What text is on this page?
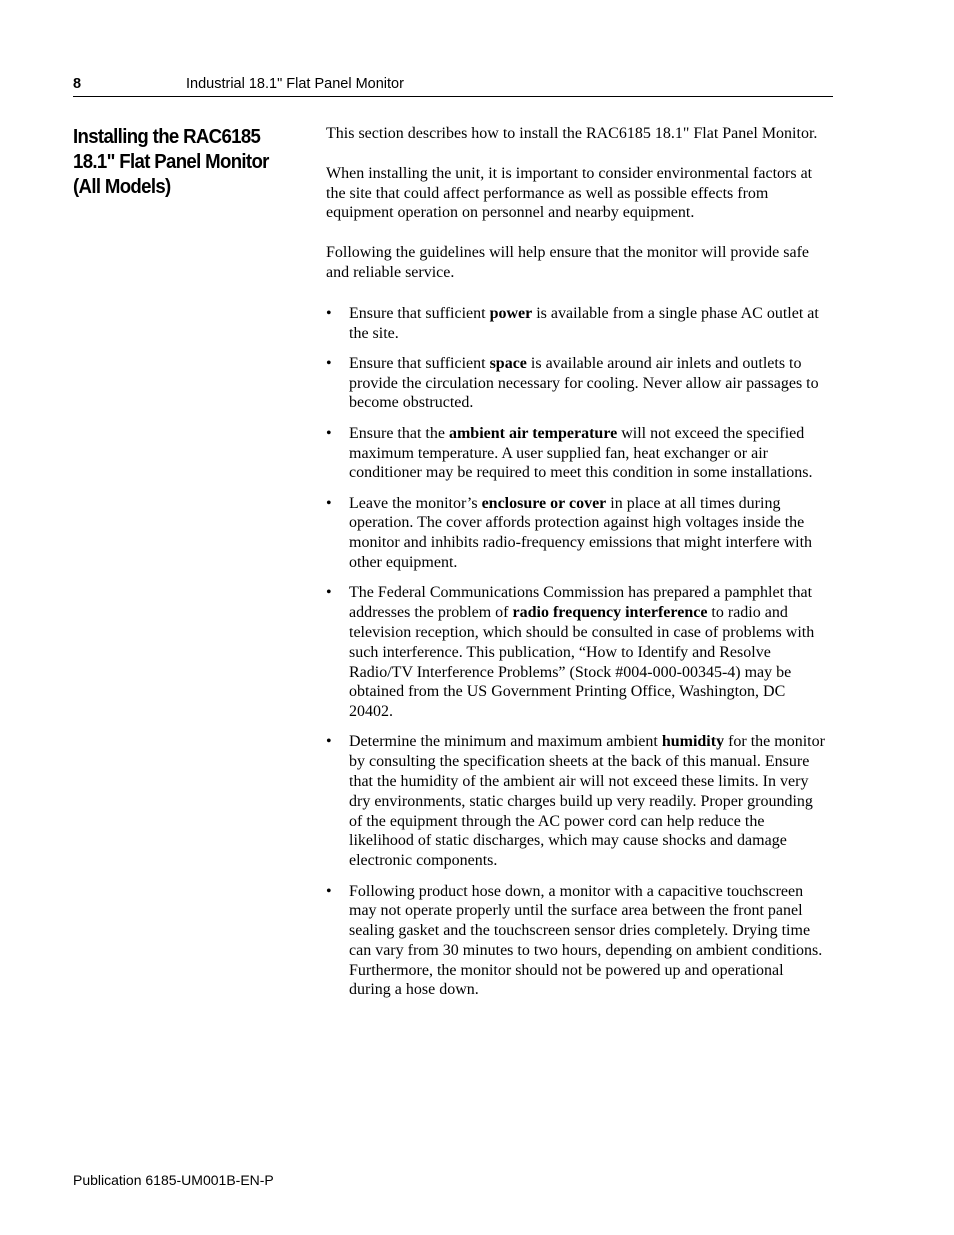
8	Industrial 18.1" Flat Panel Monitor
Installing the RAC6185 18.1" Flat Panel Monitor (All Models)

This section describes how to install the RAC6185 18.1" Flat Panel Monitor.

When installing the unit, it is important to consider environmental factors at the site that could affect performance as well as possible effects from equipment operation on personnel and nearby equipment.

Following the guidelines will help ensure that the monitor will provide safe and reliable service.

• Ensure that sufficient power is available from a single phase AC outlet at the site.
• Ensure that sufficient space is available around air inlets and outlets to provide the circulation necessary for cooling. Never allow air passages to become obstructed.
• Ensure that the ambient air temperature will not exceed the specified maximum temperature. A user supplied fan, heat exchanger or air conditioner may be required to meet this condition in some installations.
• Leave the monitor’s enclosure or cover in place at all times during operation. The cover affords protection against high voltages inside the monitor and inhibits radio-frequency emissions that might interfere with other equipment.
• The Federal Communications Commission has prepared a pamphlet that addresses the problem of radio frequency interference to radio and television reception, which should be consulted in case of problems with such interference. This publication, “How to Identify and Resolve Radio/TV Interference Problems” (Stock #004-000-00345-4) may be obtained from the US Government Printing Office, Washington, DC 20402.
• Determine the minimum and maximum ambient humidity for the monitor by consulting the specification sheets at the back of this manual. Ensure that the humidity of the ambient air will not exceed these limits. In very dry environments, static charges build up very readily. Proper grounding of the equipment through the AC power cord can help reduce the likelihood of static discharges, which may cause shocks and damage electronic components.
• Following product hose down, a monitor with a capacitive touchscreen may not operate properly until the surface area between the front panel sealing gasket and the touchscreen sensor dries completely. Drying time can vary from 30 minutes to two hours, depending on ambient conditions. Furthermore, the monitor should not be powered up and operational during a hose down.
Publication 6185-UM001B-EN-P
